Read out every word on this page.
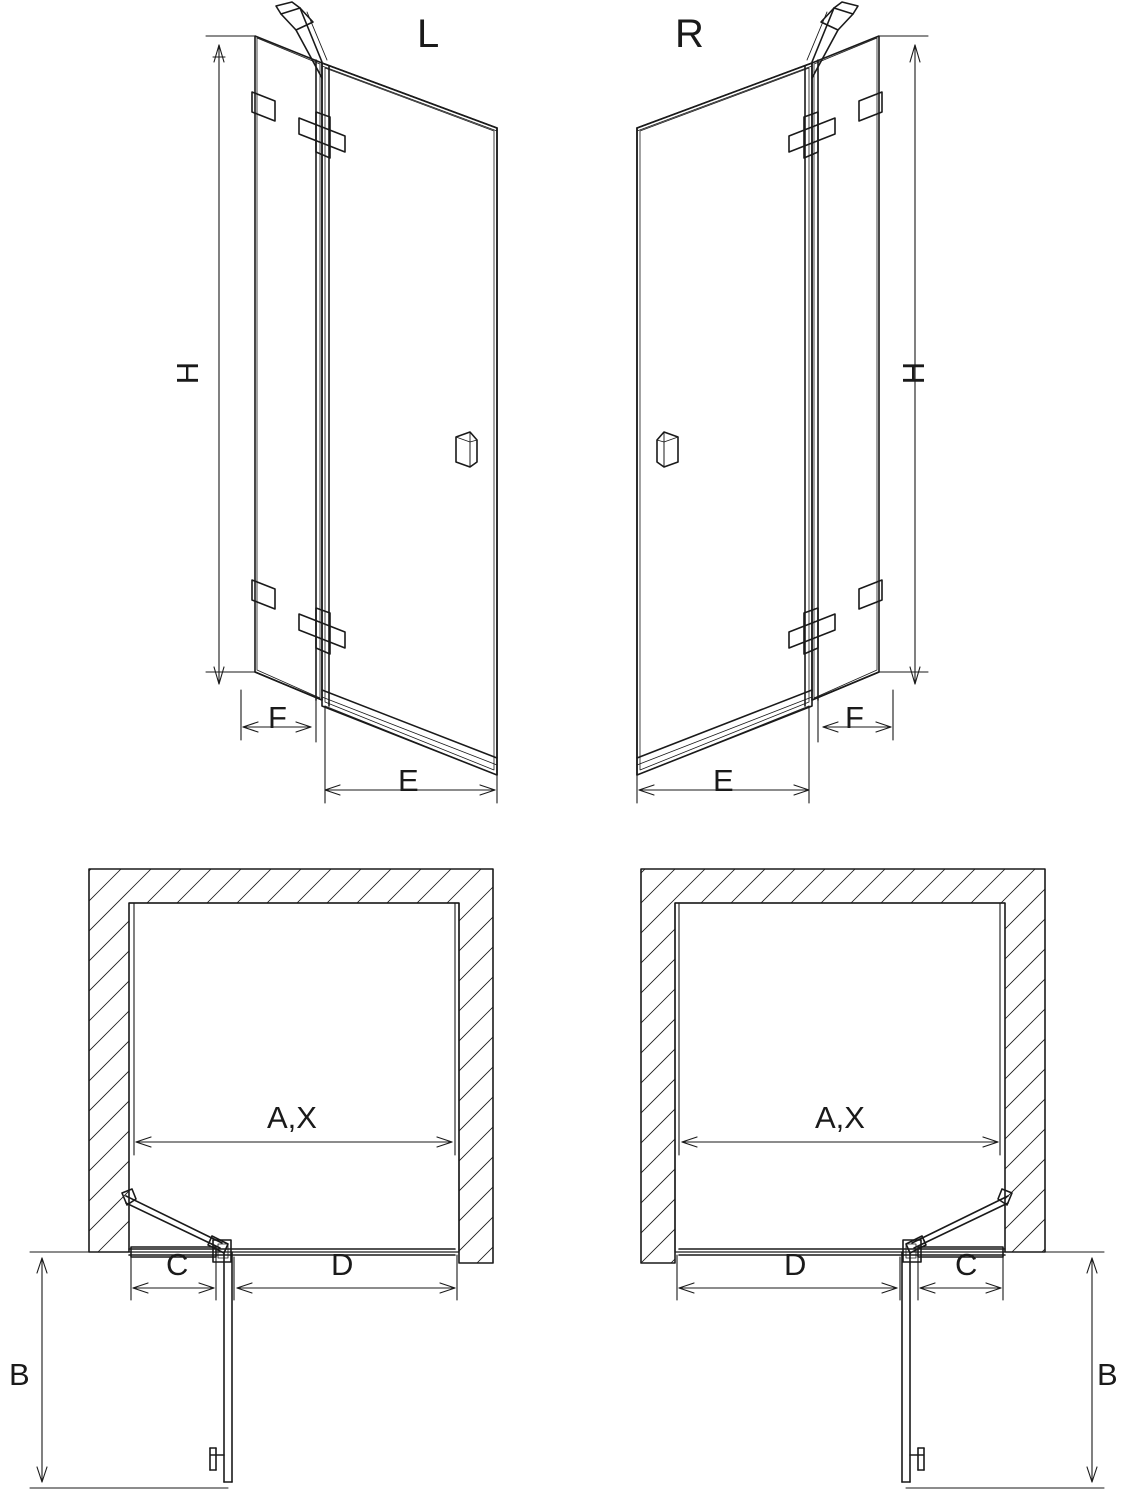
L	R
H	H
F
E
F
E
A,X	A,X
C	D
B
D	C
B
